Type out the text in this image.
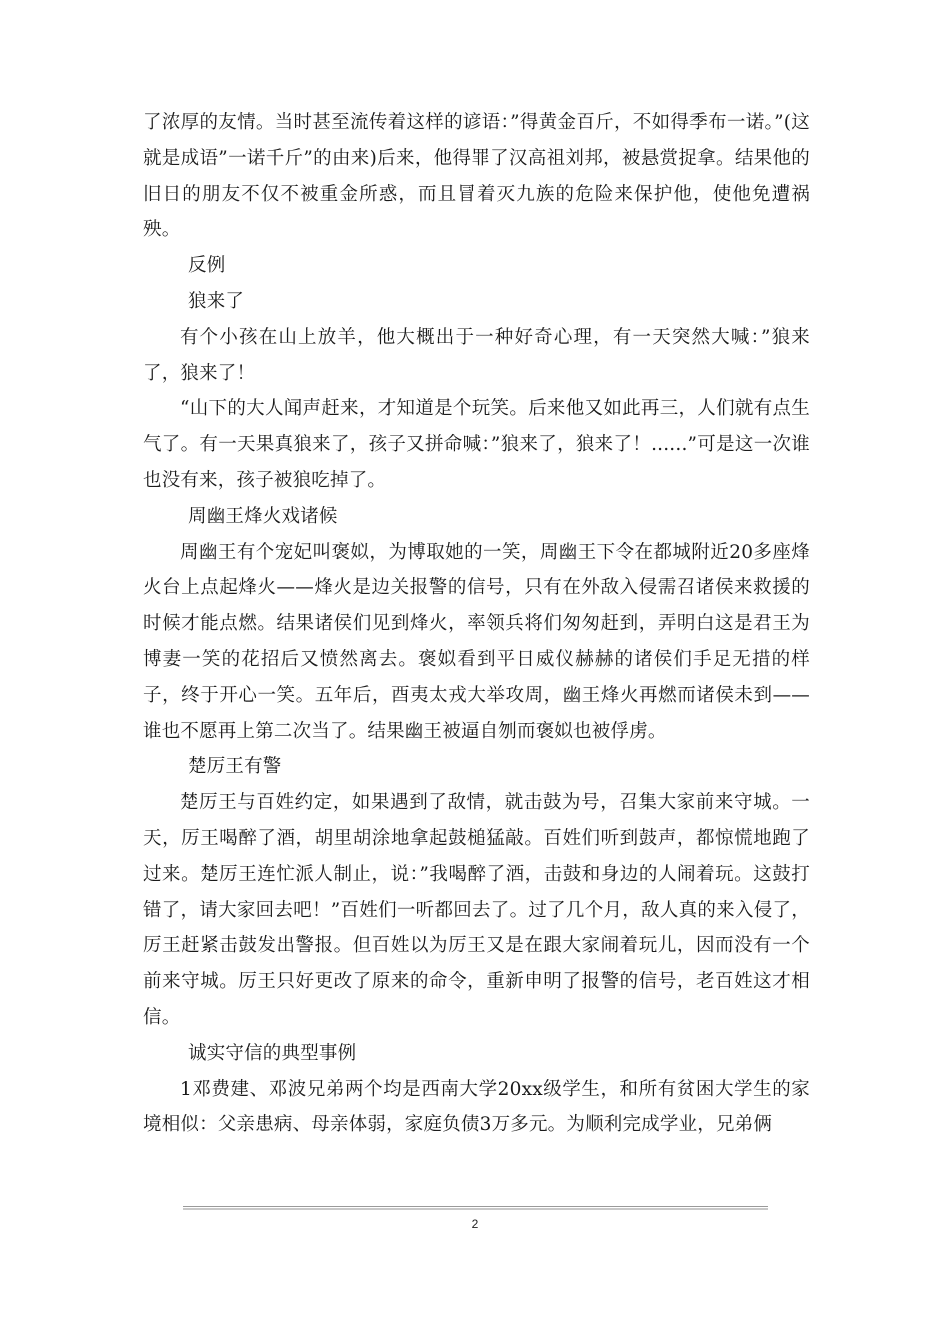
了浓厚的友情。当时甚至流传着这样的谚语：”得黄金百斤，不如得季布一诺。”(这就是成语”一诺千斤”的由来)后来，他得罪了汉高祖刘邦，被悬赏捉拿。结果他的旧日的朋友不仅不被重金所惑，而且冒着灭九族的危险来保护他，使他免遭祸殃。

反例

狼来了

有个小孩在山上放羊，他大概出于一种好奇心理，有一天突然大喊：”狼来了，狼来了！

“山下的大人闻声赶来，才知道是个玩笑。后来他又如此再三，人们就有点生气了。有一天果真狼来了，孩子又拼命喊：”狼来了，狼来了！......”可是这一次谁也没有来，孩子被狼吃掉了。

周幽王烽火戏诸候

周幽王有个宠妃叫褒姒，为博取她的一笑，周幽王下令在都城附近20多座烽火台上点起烽火——烽火是边关报警的信号，只有在外敌入侵需召诸侯来救援的时候才能点燃。结果诸侯们见到烽火，率领兵将们匆匆赶到，弄明白这是君王为博妻一笑的花招后又愤然离去。褒姒看到平日威仪赫赫的诸侯们手足无措的样子，终于开心一笑。五年后，酉夷太戎大举攻周，幽王烽火再燃而诸侯未到——谁也不愿再上第二次当了。结果幽王被逼自刎而褒姒也被俘虏。

楚厉王有警

楚厉王与百姓约定，如果遇到了敌情，就击鼓为号，召集大家前来守城。一天，厉王喝醉了酒，胡里胡涂地拿起鼓槌猛敲。百姓们听到鼓声，都惊慌地跑了过来。楚厉王连忙派人制止，说：”我喝醉了酒，击鼓和身边的人闹着玩。这鼓打错了，请大家回去吧！”百姓们一听都回去了。过了几个月，敌人真的来入侵了，厉王赶紧击鼓发出警报。但百姓以为厉王又是在跟大家闹着玩儿，因而没有一个前来守城。厉王只好更改了原来的命令，重新申明了报警的信号，老百姓这才相信。

诚实守信的典型事例

1邓费建、邓波兄弟两个均是西南大学20xx级学生，和所有贫困大学生的家境相似：父亲患病、母亲体弱，家庭负债3万多元。为顺利完成学业，兄弟俩

2
